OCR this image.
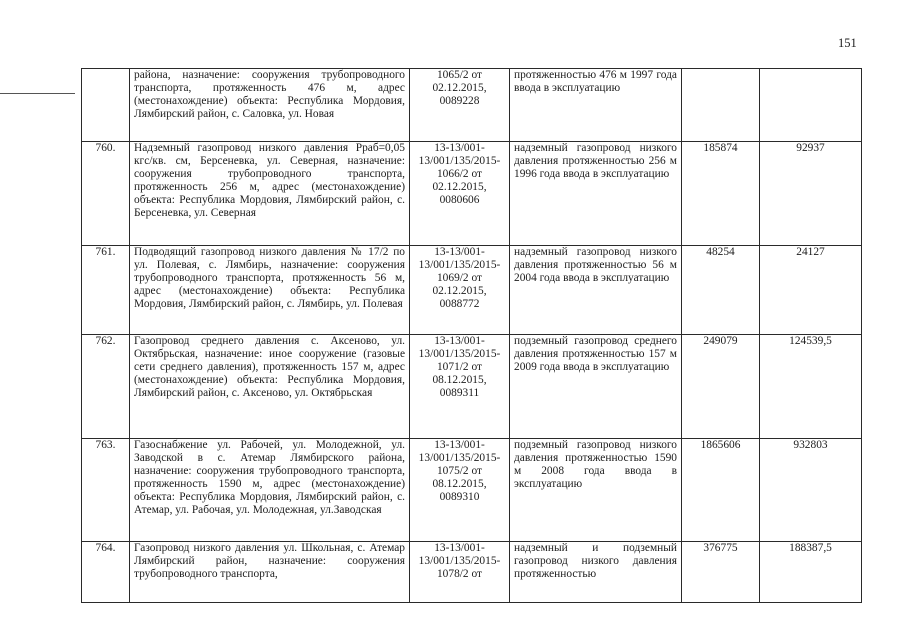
151
	района, назначение: сооружения трубопроводного транспорта, протяженность 476 м, адрес (местонахождение) объекта: Республика Мордовия, Лямбирский район, с. Саловка, ул. Новая	1065/2 от 02.12.2015, 0089228	протяженностью 476 м 1997 года ввода в эксплуатацию		
760.	Надземный газопровод низкого давления Рраб=0,05 кгс/кв. см, Берсеневка, ул. Северная, назначение: сооружения трубопроводного транспорта, протяженность 256 м, адрес (местонахождение) объекта: Республика Мордовия, Лямбирский район, с. Берсеневка, ул. Северная	13-13/001-13/001/135/2015-1066/2 от 02.12.2015, 0080606	надземный газопровод низкого давления протяженностью 256 м 1996 года ввода в эксплуатацию	185874	92937
761.	Подводящий газопровод низкого давления № 17/2 по ул. Полевая, с. Лямбирь, назначение: сооружения трубопроводного транспорта, протяженность 56 м, адрес (местонахождение) объекта: Республика Мордовия, Лямбирский район, с. Лямбирь, ул. Полевая	13-13/001-13/001/135/2015-1069/2 от 02.12.2015, 0088772	надземный газопровод низкого давления протяженностью 56 м 2004 года ввода в эксплуатацию	48254	24127
762.	Газопровод среднего давления с. Аксеново, ул. Октябрьская, назначение: иное сооружение (газовые сети среднего давления), протяженность 157 м, адрес (местонахождение) объекта: Республика Мордовия, Лямбирский район, с. Аксеново, ул. Октябрьская	13-13/001-13/001/135/2015-1071/2 от 08.12.2015, 0089311	подземный газопровод среднего давления протяженностью 157 м 2009 года ввода в эксплуатацию	249079	124539,5
763.	Газоснабжение ул. Рабочей, ул. Молодежной, ул. Заводской в с. Атемар Лямбирского района, назначение: сооружения трубопроводного транспорта, протяженность 1590 м, адрес (местонахождение) объекта: Республика Мордовия, Лямбирский район, с. Атемар, ул. Рабочая, ул. Молодежная, ул.Заводская	13-13/001-13/001/135/2015-1075/2 от 08.12.2015, 0089310	подземный газопровод низкого давления протяженностью 1590 м 2008 года ввода в эксплуатацию	1865606	932803
764.	Газопровод низкого давления ул. Школьная, с. Атемар Лямбирский район, назначение: сооружения трубопроводного транспорта,	13-13/001-13/001/135/2015-1078/2 от	надземный и подземный газопровод низкого давления протяженностью	376775	188387,5
